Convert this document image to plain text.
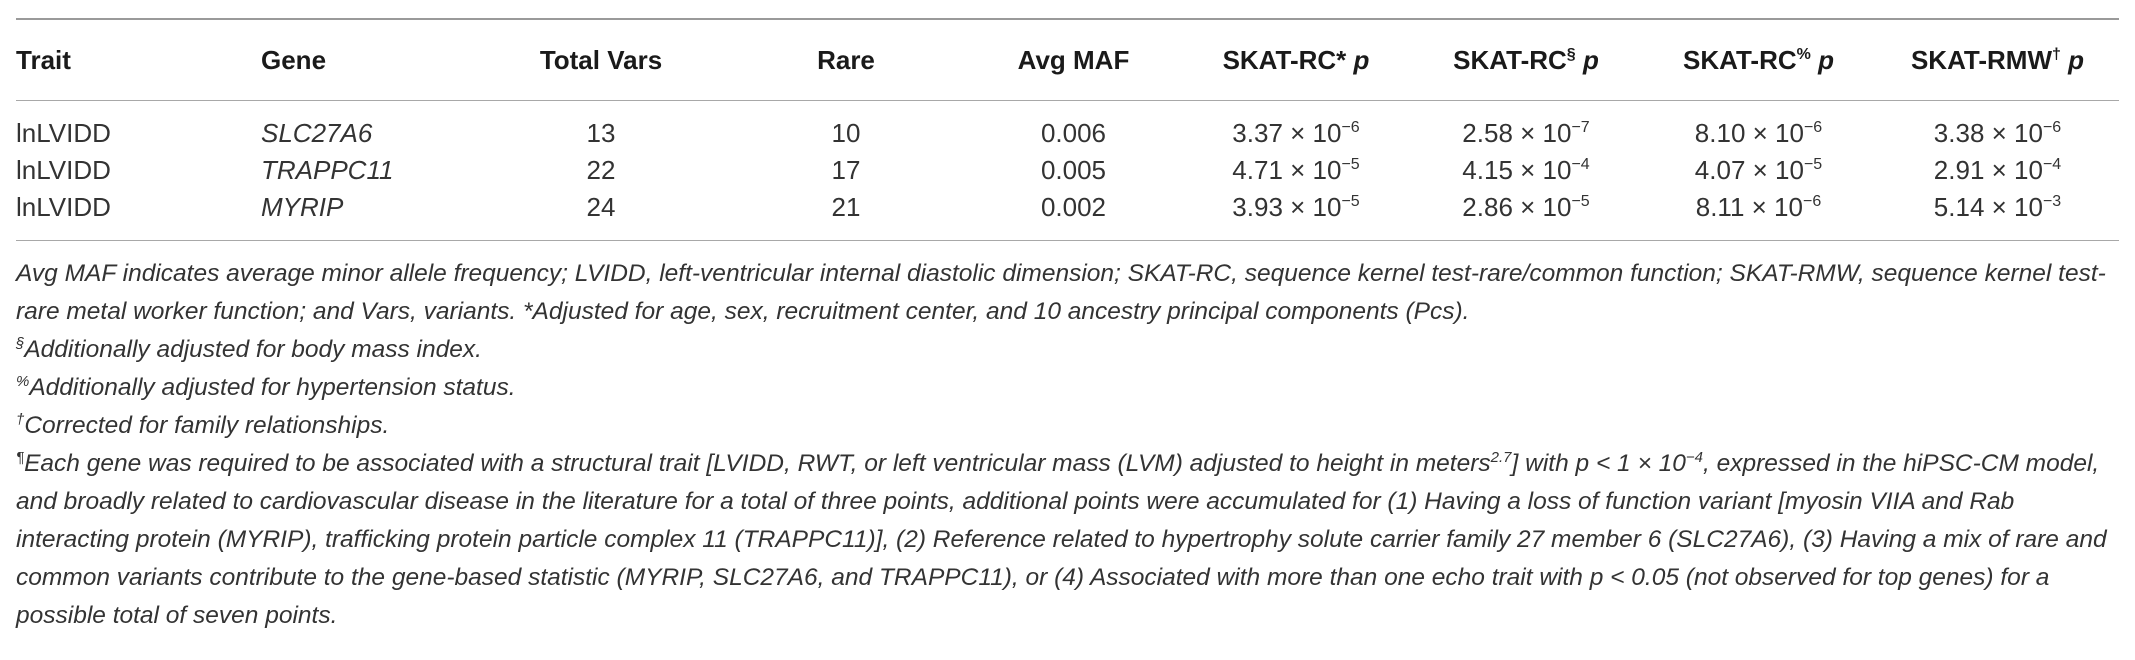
Trait	Gene	Total Vars	Rare	Avg MAF	SKAT-RC* p	SKAT-RC§ p	SKAT-RC% p	SKAT-RMW† p
lnLVIDD	SLC27A6	13	10	0.006	$3.37 \times 10^{-6}$	$2.58 \times 10^{-7}$	$8.10 \times 10^{-6}$	$3.38 \times 10^{-6}$
lnLVIDD	TRAPPC11	22	17	0.005	$4.71 \times 10^{-5}$	$4.15 \times 10^{-4}$	$4.07 \times 10^{-5}$	$2.91 \times 10^{-4}$
lnLVIDD	MYRIP	24	21	0.002	$3.93 \times 10^{-5}$	$2.86 \times 10^{-5}$	$8.11 \times 10^{-6}$	$5.14 \times 10^{-3}$

Avg MAF indicates average minor allele frequency; LVIDD, left-ventricular internal diastolic dimension; SKAT-RC, sequence kernel test-rare/common function; SKAT-RMW, sequence kernel test-rare metal worker function; and Vars, variants. *Adjusted for age, sex, recruitment center, and 10 ancestry principal components (Pcs).

§Additionally adjusted for body mass index.

%Additionally adjusted for hypertension status.

†Corrected for family relationships.

¶Each gene was required to be associated with a structural trait [LVIDD, RWT, or left ventricular mass (LVM) adjusted to height in meters$^{2.7}$] with $p < 1 \times 10^{-4}$, expressed in the hiPSC-CM model, and broadly related to cardiovascular disease in the literature for a total of three points, additional points were accumulated for (1) Having a loss of function variant [myosin VIIA and Rab interacting protein (MYRIP), trafficking protein particle complex 11 (TRAPPC11)], (2) Reference related to hypertrophy solute carrier family 27 member 6 (SLC27A6), (3) Having a mix of rare and common variants contribute to the gene-based statistic (MYRIP, SLC27A6, and TRAPPC11), or (4) Associated with more than one echo trait with p < 0.05 (not observed for top genes) for a possible total of seven points.
